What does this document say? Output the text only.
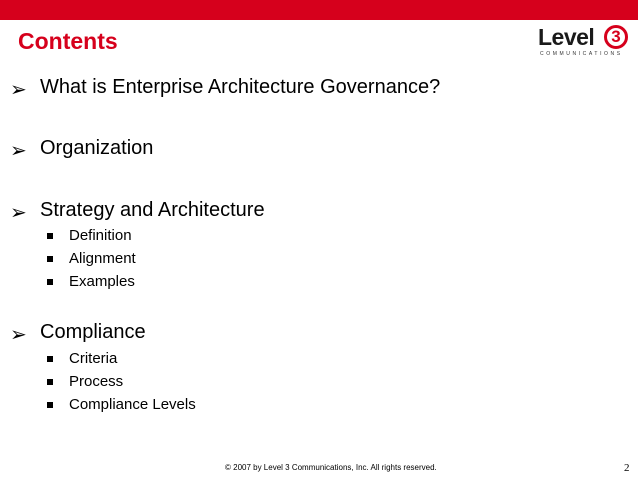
Contents	Level 3
COMMUNICATIONS
➢ What is Enterprise Architecture Governance?
➢ Organization
➢ Strategy and Architecture
Definition
Alignment
Examples
➢ Compliance
Criteria
Process
Compliance Levels
© 2007 by Level 3 Communications, Inc. All rights reserved.	2
